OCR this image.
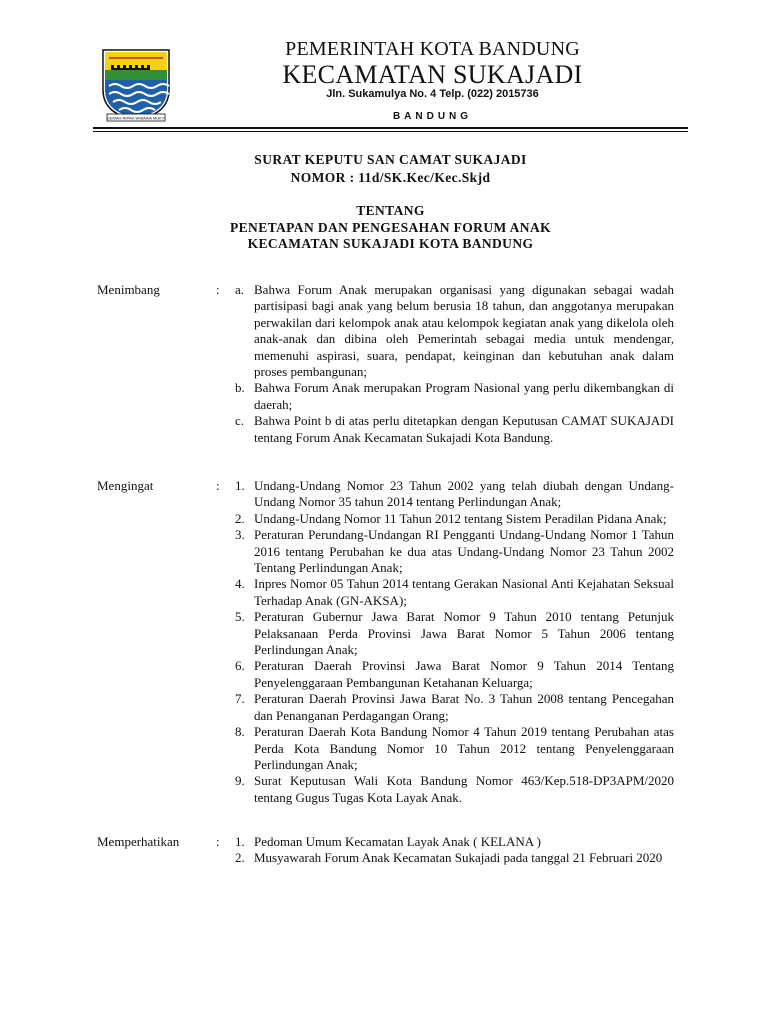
GEMAH RIPAH WIBAWA MUKTI
PEMERINTAH KOTA BANDUNG
KECAMATAN SUKAJADI
Jln. Sukamulya No. 4 Telp. (022) 2015736
BANDUNG
SURAT KEPUTU SAN CAMAT SUKAJADI
NOMOR : 11d/SK.Kec/Kec.Skjd
TENTANG
PENETAPAN DAN PENGESAHAN FORUM ANAK
KECAMATAN SUKAJADI KOTA BANDUNG
Menimbang	: a. Bahwa Forum Anak merupakan organisasi yang digunakan sebagai wadah partisipasi bagi anak yang belum berusia 18 tahun, dan anggotanya merupakan perwakilan dari kelompok anak atau kelompok kegiatan anak yang dikelola oleh anak-anak dan dibina oleh Pemerintah sebagai media untuk mendengar, memenuhi aspirasi, suara, pendapat, keinginan dan kebutuhan anak dalam proses pembangunan;
b. Bahwa Forum Anak merupakan Program Nasional yang perlu dikembangkan di daerah;
c. Bahwa Point b di atas perlu ditetapkan dengan Keputusan CAMAT SUKAJADI tentang Forum Anak Kecamatan Sukajadi Kota Bandung.
Mengingat	: 1. Undang-Undang Nomor 23 Tahun 2002 yang telah diubah dengan Undang-Undang Nomor 35 tahun 2014 tentang Perlindungan Anak;
2. Undang-Undang Nomor 11 Tahun 2012 tentang Sistem Peradilan Pidana Anak;
3. Peraturan Perundang-Undangan RI Pengganti Undang-Undang Nomor 1 Tahun 2016 tentang Perubahan ke dua atas Undang-Undang Nomor 23 Tahun 2002 Tentang Perlindungan Anak;
4. Inpres Nomor 05 Tahun 2014 tentang Gerakan Nasional Anti Kejahatan Seksual Terhadap Anak (GN-AKSA);
5. Peraturan Gubernur Jawa Barat Nomor 9 Tahun 2010 tentang Petunjuk Pelaksanaan Perda Provinsi Jawa Barat Nomor 5 Tahun 2006 tentang Perlindungan Anak;
6. Peraturan Daerah Provinsi Jawa Barat Nomor 9 Tahun 2014 Tentang Penyelenggaraan Pembangunan Ketahanan Keluarga;
7. Peraturan Daerah Provinsi Jawa Barat No. 3 Tahun 2008 tentang Pencegahan dan Penanganan Perdagangan Orang;
8. Peraturan Daerah Kota Bandung Nomor 4 Tahun 2019 tentang Perubahan atas Perda Kota Bandung Nomor 10 Tahun 2012 tentang Penyelenggaraan Perlindungan Anak;
9. Surat Keputusan Wali Kota Bandung Nomor 463/Kep.518-DP3APM/2020 tentang Gugus Tugas Kota Layak Anak.
Memperhatikan	: 1. Pedoman Umum Kecamatan Layak Anak ( KELANA )
2. Musyawarah Forum Anak Kecamatan Sukajadi pada tanggal 21 Februari 2020
